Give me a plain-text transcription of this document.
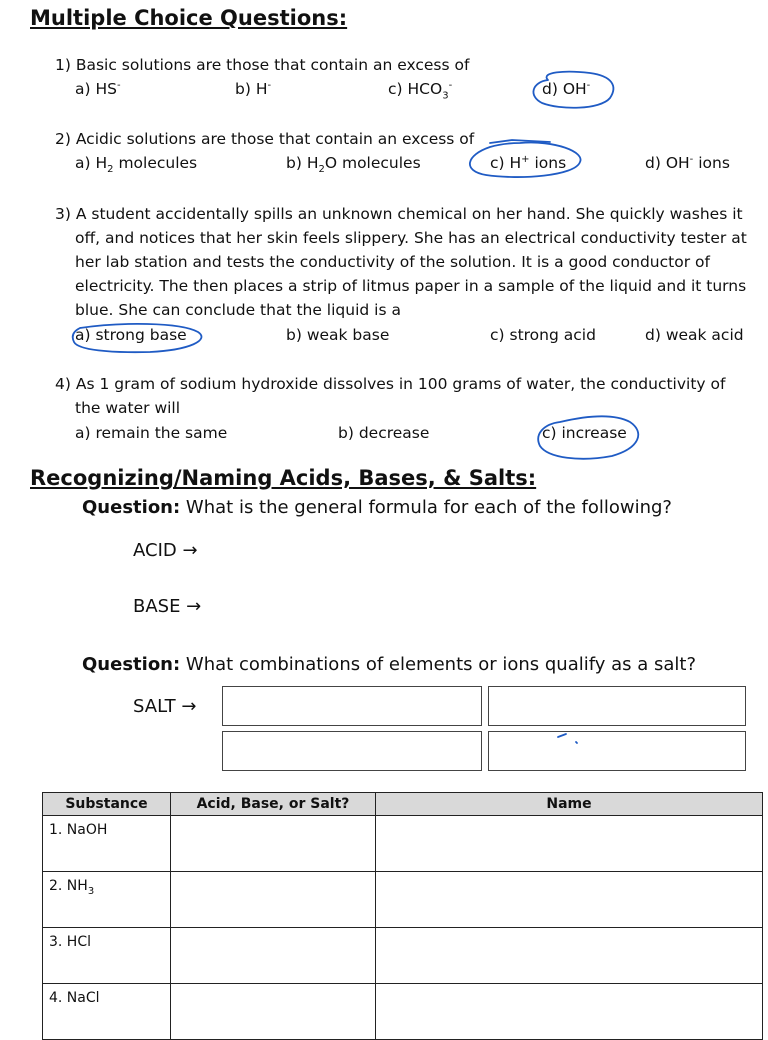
Multiple Choice Questions:
1) Basic solutions are those that contain an excess of
a) HS-	b) H-	c) $HCO_3^-$	d) OH-
2) Acidic solutions are those that contain an excess of
a) $H_2$ molecules	b) $H_2O$ molecules	c) H+ ions	d) OH- ions
3) A student accidentally spills an unknown chemical on her hand. She quickly washes it off, and notices that her skin feels slippery. She has an electrical conductivity tester at her lab station and tests the conductivity of the solution. It is a good conductor of electricity. The then places a strip of litmus paper in a sample of the liquid and it turns blue. She can conclude that the liquid is a
a) strong base	b) weak base	c) strong acid	d) weak acid
4) As 1 gram of sodium hydroxide dissolves in 100 grams of water, the conductivity of
the water will
a) remain the same	b) decrease	c) increase
Recognizing/Naming Acids, Bases, & Salts:
Question: What is the general formula for each of the following?
ACID →
BASE →
Question: What combinations of elements or ions qualify as a salt?
SALT →
Substance	Acid, Base, or Salt?	Name
1. NaOH		
2. $NH_3$		
3. HCl		
4. NaCl		
